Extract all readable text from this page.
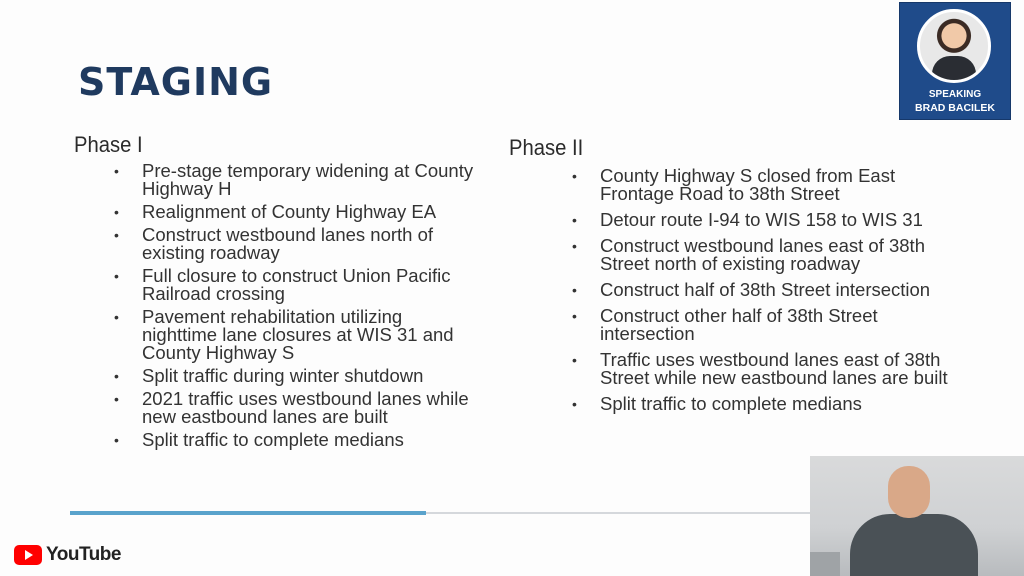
STAGING
Phase I
• Pre-stage temporary widening at County Highway H
• Realignment of County Highway EA
• Construct westbound lanes north of existing roadway
• Full closure to construct Union Pacific Railroad crossing
• Pavement rehabilitation utilizing nighttime lane closures at WIS 31 and County Highway S
• Split traffic during winter shutdown
• 2021 traffic uses westbound lanes while new eastbound lanes are built
• Split traffic to complete medians
Phase II
• County Highway S closed from East Frontage Road to 38th Street
• Detour route I-94 to WIS 158 to WIS 31
• Construct westbound lanes east of 38th Street north of existing roadway
• Construct half of 38th Street intersection
• Construct other half of 38th Street intersection
• Traffic uses westbound lanes east of 38th Street while new eastbound lanes are built
• Split traffic to complete medians
YouTube
SPEAKING
BRAD BACILEK
